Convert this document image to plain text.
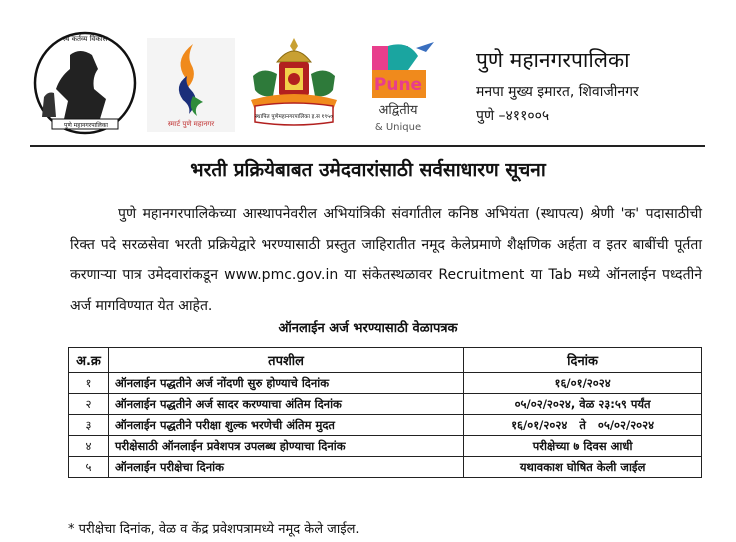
स्व कर्तव्य विकास
पुणे महानगरपालिका	स्मार्ट पुणे महानगर
स्थापित पुणेमहानगरपालिका इ.स १९५०
Pune
अद्वितीय
& Unique
पुणे महानगरपालिका
मनपा मुख्य इमारत, शिवाजीनगर
पुणे –४११००५
भरती प्रक्रियेबाबत उमेदवारांसाठी सर्वसाधारण सूचना
पुणे महानगरपालिकेच्या आस्थापनेवरील अभियांत्रिकी संवर्गातील कनिष्ठ अभियंता (स्थापत्य) श्रेणी 'क' पदासाठीची रिक्त पदे सरळसेवा भरती प्रक्रियेद्वारे भरण्यासाठी प्रस्तुत जाहिरातीत नमूद केलेप्रमाणे शैक्षणिक अर्हता व इतर बाबींची पूर्तता करणाऱ्या पात्र उमेदवारांकडून www.pmc.gov.in या संकेतस्थळावर Recruitment या Tab मध्ये ऑनलाईन पध्दतीने अर्ज मागविण्यात येत आहेत.
ऑनलाईन अर्ज भरण्यासाठी वेळापत्रक
अ.क्र	तपशील	दिनांक
१	ऑनलाईन पद्धतीने अर्ज नोंदणी सुरु होण्याचे दिनांक	१६/०१/२०२४
२	ऑनलाईन पद्धतीने अर्ज सादर करण्याचा अंतिम दिनांक	०५/०२/२०२४, वेळ २३:५९ पर्यंत
३	ऑनलाईन पद्धतीने परीक्षा शुल्क भरणेची अंतिम मुदत	१६/०१/२०२४   ते   ०५/०२/२०२४
४	परीक्षेसाठी ऑनलाईन प्रवेशपत्र उपलब्ध होण्याचा दिनांक	परीक्षेच्या ७ दिवस आधी
५	ऑनलाईन परीक्षेचा दिनांक	यथावकाश घोषित केली जाईल
* परीक्षेचा दिनांक, वेळ व केंद्र प्रवेशपत्रामध्ये नमूद केले जाईल.
